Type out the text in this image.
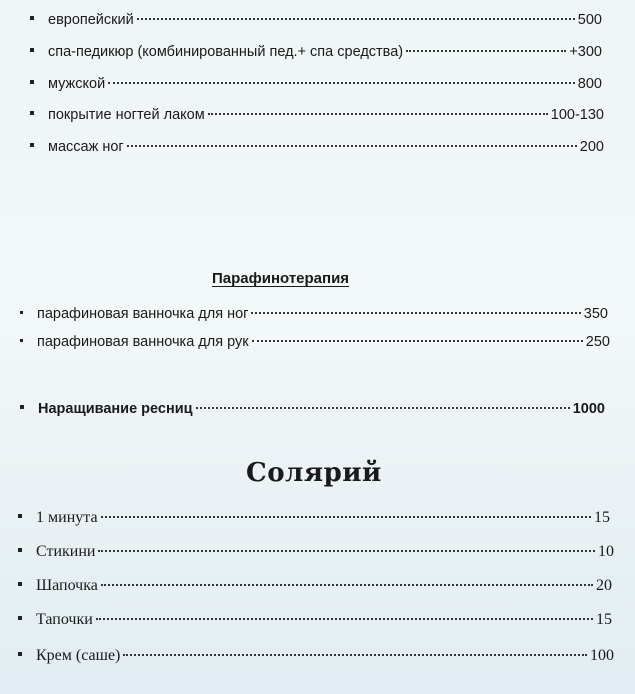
европейский	500
спа-педикюр (комбинированный пед.+ спа средства)	+300
мужской	800
покрытие ногтей лаком	100-130
массаж ног	200
Парафинотерапия
парафиновая ванночка для ног	350
парафиновая ванночка для рук	250
Наращивание ресниц	1000
Солярий
1 минута	15
Стикини	10
Шапочка	20
Тапочки	15
Крем (саше)	100
